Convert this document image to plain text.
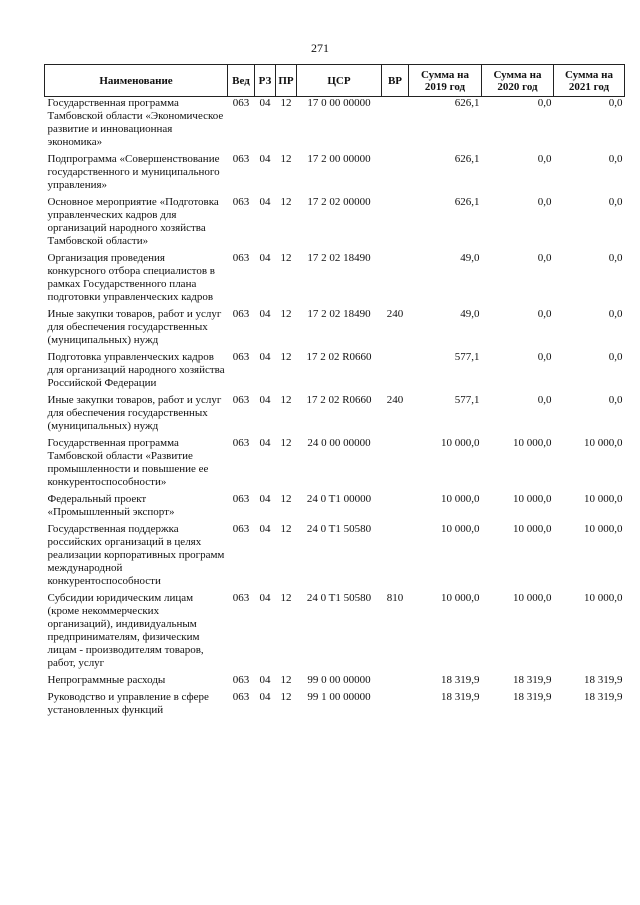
271
Наименование	Вед	РЗ	ПР	ЦСР	ВР	Сумма на 2019 год	Сумма на 2020 год	Сумма на 2021 год
Государственная программа Тамбовской области «Экономическое развитие и инновационная экономика»	063	04	12	17 0 00 00000		626,1	0,0	0,0
Подпрограмма «Совершенствование государственного и муниципального управления»	063	04	12	17 2 00 00000		626,1	0,0	0,0
Основное мероприятие «Подготовка управленческих кадров для организаций народного хозяйства Тамбовской области»	063	04	12	17 2 02 00000		626,1	0,0	0,0
Организация проведения конкурсного отбора специалистов в рамках Государственного плана подготовки управленческих кадров	063	04	12	17 2 02 18490		49,0	0,0	0,0
Иные закупки товаров, работ и услуг для обеспечения государственных (муниципальных) нужд	063	04	12	17 2 02 18490	240	49,0	0,0	0,0
Подготовка управленческих кадров для организаций народного хозяйства Российской Федерации	063	04	12	17 2 02 R0660		577,1	0,0	0,0
Иные закупки товаров, работ и услуг для обеспечения государственных (муниципальных) нужд	063	04	12	17 2 02 R0660	240	577,1	0,0	0,0
Государственная программа Тамбовской области «Развитие промышленности и повышение ее конкурентоспособности»	063	04	12	24 0 00 00000		10 000,0	10 000,0	10 000,0
Федеральный проект «Промышленный экспорт»	063	04	12	24 0 T1 00000		10 000,0	10 000,0	10 000,0
Государственная поддержка российских организаций в целях реализации корпоративных программ международной конкурентоспособности	063	04	12	24 0 T1 50580		10 000,0	10 000,0	10 000,0
Субсидии юридическим лицам (кроме некоммерческих организаций), индивидуальным предпринимателям, физическим лицам - производителям товаров, работ, услуг	063	04	12	24 0 T1 50580	810	10 000,0	10 000,0	10 000,0
Непрограммные расходы	063	04	12	99 0 00 00000		18 319,9	18 319,9	18 319,9
Руководство и управление в сфере установленных функций	063	04	12	99 1 00 00000		18 319,9	18 319,9	18 319,9
